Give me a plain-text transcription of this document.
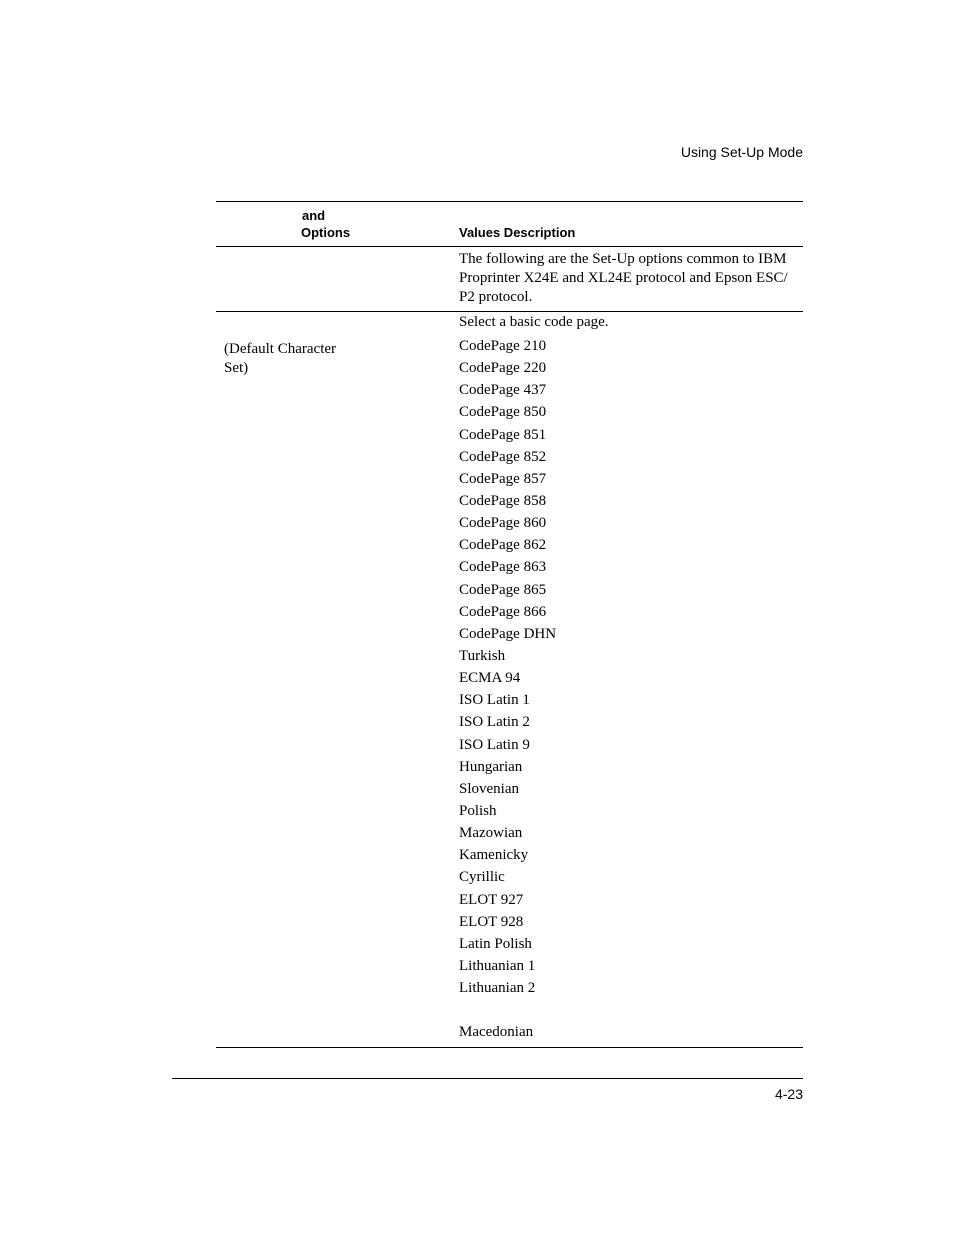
Using Set-Up Mode
and
Options	Values Description
The following are the Set-Up options common to IBM
Proprinter X24E and XL24E protocol and Epson ESC/
P2 protocol.
Select a basic code page.
(Default Character
Set)
CodePage 210
CodePage 220
CodePage 437
CodePage 850
CodePage 851
CodePage 852
CodePage 857
CodePage 858
CodePage 860
CodePage 862
CodePage 863
CodePage 865
CodePage 866
CodePage DHN
Turkish
ECMA 94
ISO Latin 1
ISO Latin 2
ISO Latin 9
Hungarian
Slovenian
Polish
Mazowian
Kamenicky
Cyrillic
ELOT 927
ELOT 928
Latin Polish
Lithuanian 1
Lithuanian 2
Macedonian
4-23
